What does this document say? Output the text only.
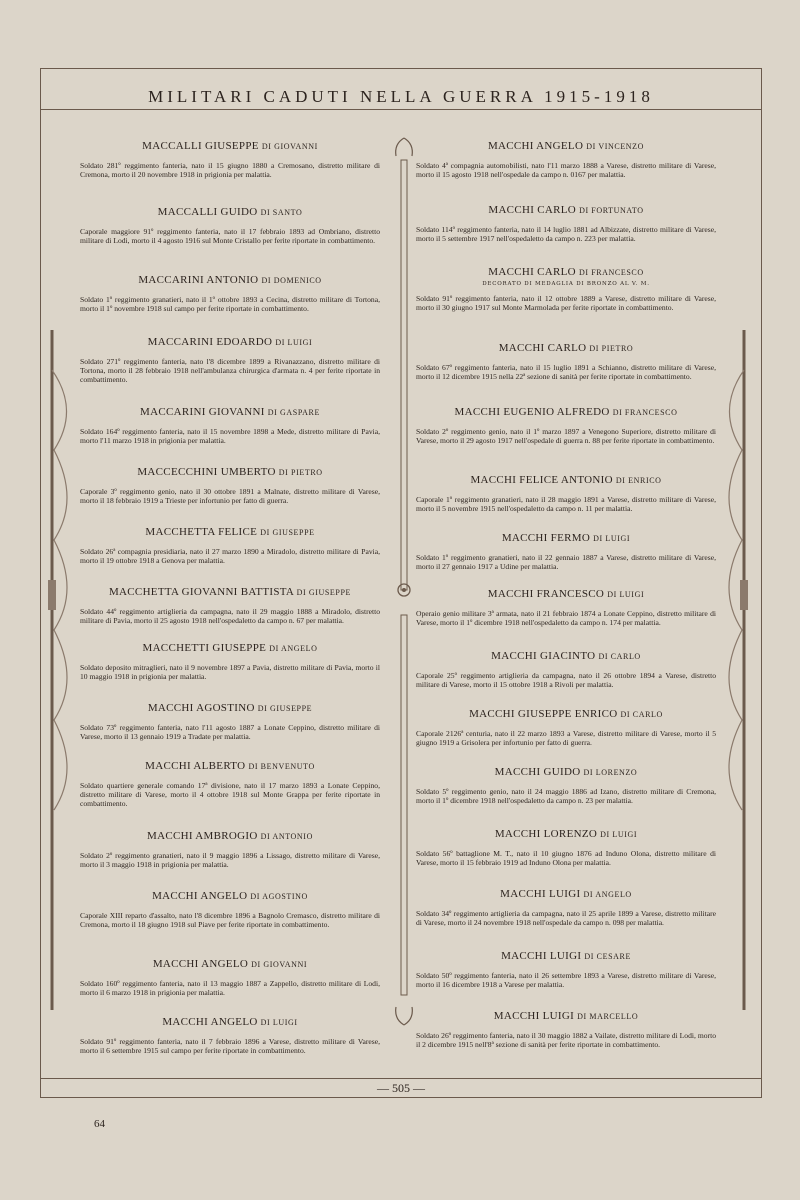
MILITARI CADUTI NELLA GUERRA 1915-1918
— 505 —
MACCALLI GIUSEPPE DI GIOVANNI
Soldato 281º reggimento fanteria, nato il 15 giugno 1880 a Cremosano, distretto militare di Cremona, morto il 20 novembre 1918 in prigionia per malattia.
MACCALLI GUIDO DI SANTO
Caporale maggiore 91º reggimento fanteria, nato il 17 febbraio 1893 ad Ombriano, distretto militare di Lodi, morto il 4 agosto 1916 sul Monte Cristallo per ferite riportate in combattimento.
MACCARINI ANTONIO DI DOMENICO
Soldato 1º reggimento granatieri, nato il 1º ottobre 1893 a Cecina, distretto militare di Tortona, morto il 1º novembre 1918 sul campo per ferite riportate in combattimento.
MACCARINI EDOARDO DI LUIGI
Soldato 271º reggimento fanteria, nato l'8 dicembre 1899 a Rivanazzano, distretto militare di Tortona, morto il 28 febbraio 1918 nell'ambulanza chirurgica d'armata n. 4 per ferite riportate in combattimento.
MACCARINI GIOVANNI DI GASPARE
Soldato 164º reggimento fanteria, nato il 15 novembre 1898 a Mede, distretto militare di Pavia, morto l'11 marzo 1918 in prigionia per malattia.
MACCECCHINI UMBERTO DI PIETRO
Caporale 3º reggimento genio, nato il 30 ottobre 1891 a Malnate, distretto militare di Varese, morto il 18 febbraio 1919 a Trieste per infortunio per fatto di guerra.
MACCHETTA FELICE DI GIUSEPPE
Soldato 26ª compagnia presidiaria, nato il 27 marzo 1890 a Miradolo, distretto militare di Pavia, morto il 19 ottobre 1918 a Genova per malattia.
MACCHETTA GIOVANNI BATTISTA DI GIUSEPPE
Soldato 44º reggimento artiglieria da campagna, nato il 29 maggio 1888 a Miradolo, distretto militare di Pavia, morto il 25 agosto 1918 nell'ospedaletto da campo n. 67 per malattia.
MACCHETTI GIUSEPPE DI ANGELO
Soldato deposito mitraglieri, nato il 9 novembre 1897 a Pavia, distretto militare di Pavia, morto il 10 maggio 1918 in prigionia per malattia.
MACCHI AGOSTINO DI GIUSEPPE
Soldato 73º reggimento fanteria, nato l'11 agosto 1887 a Lonate Ceppino, distretto militare di Varese, morto il 13 gennaio 1919 a Tradate per malattia.
MACCHI ALBERTO DI BENVENUTO
Soldato quartiere generale comando 17ª divisione, nato il 17 marzo 1893 a Lonate Ceppino, distretto militare di Varese, morto il 4 ottobre 1918 sul Monte Grappa per ferite riportate in combattimento.
MACCHI AMBROGIO DI ANTONIO
Soldato 2º reggimento granatieri, nato il 9 maggio 1896 a Lissago, distretto militare di Varese, morto il 3 maggio 1918 in prigionia per malattia.
MACCHI ANGELO DI AGOSTINO
Caporale XIII reparto d'assalto, nato l'8 dicembre 1896 a Bagnolo Cremasco, distretto militare di Cremona, morto il 18 giugno 1918 sul Piave per ferite riportate in combattimento.
MACCHI ANGELO DI GIOVANNI
Soldato 160º reggimento fanteria, nato il 13 maggio 1887 a Zappello, distretto militare di Lodi, morto il 6 marzo 1918 in prigionia per malattia.
MACCHI ANGELO DI LUIGI
Soldato 91º reggimento fanteria, nato il 7 febbraio 1896 a Varese, distretto militare di Varese, morto il 6 settembre 1915 sul campo per ferite riportate in combattimento.
MACCHI ANGELO DI VINCENZO
Soldato 4ª compagnia automobilisti, nato l'11 marzo 1888 a Varese, distretto militare di Varese, morto il 15 agosto 1918 nell'ospedale da campo n. 0167 per malattia.
MACCHI CARLO DI FORTUNATO
Soldato 114º reggimento fanteria, nato il 14 luglio 1881 ad Albizzate, distretto militare di Varese, morto il 5 settembre 1917 nell'ospedaletto da campo n. 223 per malattia.
MACCHI CARLO DI FRANCESCO
DECORATO DI MEDAGLIA DI BRONZO AL V. M.
Soldato 91º reggimento fanteria, nato il 12 ottobre 1889 a Varese, distretto militare di Varese, morto il 30 giugno 1917 sul Monte Marmolada per ferite riportate in combattimento.
MACCHI CARLO DI PIETRO
Soldato 67º reggimento fanteria, nato il 15 luglio 1891 a Schianno, distretto militare di Varese, morto il 12 dicembre 1915 nella 22ª sezione di sanità per ferite riportate in combattimento.
MACCHI EUGENIO ALFREDO DI FRANCESCO
Soldato 2º reggimento genio, nato il 1º marzo 1897 a Venegono Superiore, distretto militare di Varese, morto il 29 agosto 1917 nell'ospedale di guerra n. 88 per ferite riportate in combattimento.
MACCHI FELICE ANTONIO DI ENRICO
Caporale 1º reggimento granatieri, nato il 28 maggio 1891 a Varese, distretto militare di Varese, morto il 5 novembre 1915 nell'ospedaletto da campo n. 11 per malattia.
MACCHI FERMO DI LUIGI
Soldato 1º reggimento granatieri, nato il 22 gennaio 1887 a Varese, distretto militare di Varese, morto il 27 gennaio 1917 a Udine per malattia.
MACCHI FRANCESCO DI LUIGI
Operaio genio militare 3ª armata, nato il 21 febbraio 1874 a Lonate Ceppino, distretto militare di Varese, morto il 1º dicembre 1918 nell'ospedaletto da campo n. 174 per malattia.
MACCHI GIACINTO DI CARLO
Caporale 25º reggimento artiglieria da campagna, nato il 26 ottobre 1894 a Varese, distretto militare di Varese, morto il 15 ottobre 1918 a Rivoli per malattia.
MACCHI GIUSEPPE ENRICO DI CARLO
Caporale 2126ª centuria, nato il 22 marzo 1893 a Varese, distretto militare di Varese, morto il 5 giugno 1919 a Grisolera per infortunio per fatto di guerra.
MACCHI GUIDO DI LORENZO
Soldato 5º reggimento genio, nato il 24 maggio 1886 ad Izano, distretto militare di Cremona, morto il 1º dicembre 1918 nell'ospedaletto da campo n. 23 per malattia.
MACCHI LORENZO DI LUIGI
Soldato 56º battaglione M. T., nato il 10 giugno 1876 ad Induno Olona, distretto militare di Varese, morto il 15 febbraio 1919 ad Induno Olona per malattia.
MACCHI LUIGI DI ANGELO
Soldato 34º reggimento artiglieria da campagna, nato il 25 aprile 1899 a Varese, distretto militare di Varese, morto il 24 novembre 1918 nell'ospedale da campo n. 098 per malattia.
MACCHI LUIGI DI CESARE
Soldato 50º reggimento fanteria, nato il 26 settembre 1893 a Varese, distretto militare di Varese, morto il 16 dicembre 1918 a Varese per malattia.
MACCHI LUIGI DI MARCELLO
Soldato 26º reggimento fanteria, nato il 30 maggio 1882 a Vailate, distretto militare di Lodi, morto il 2 dicembre 1915 nell'8ª sezione di sanità per ferite riportate in combattimento.
64
